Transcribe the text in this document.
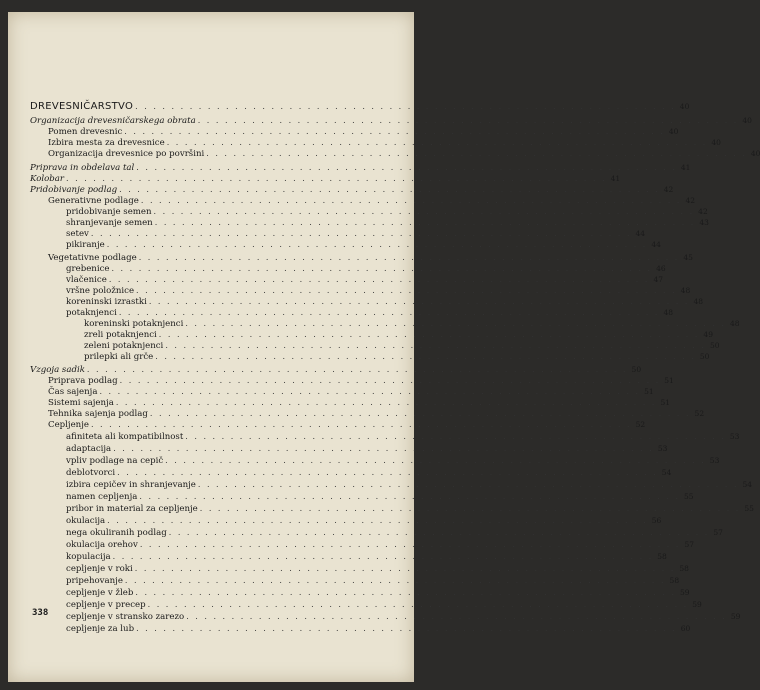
DREVESNIČARSTVO . . . . . . . . . . . . . . . . . . . . . . . . . . . . . . . . . . . . . . . . . . . . . . . . . . . . . . . . . . . . 40
Organizacija drevesničarskega obrata . . . . . . . . . . . . . . . . . . . . . . . . . . . . . . . . . . . . . . . . . . . . . . . . . . . . . . . . . . . . 40
Pomen drevesnic . . . . . . . . . . . . . . . . . . . . . . . . . . . . . . . . . . . . . . . . . . . . . . . . . . . . . . . . . . . . 40
Izbira mesta za drevesnice . . . . . . . . . . . . . . . . . . . . . . . . . . . . . . . . . . . . . . . . . . . . . . . . . . . . . . . . . . . . 40
Organizacija drevesnice po površini . . . . . . . . . . . . . . . . . . . . . . . . . . . . . . . . . . . . . . . . . . . . . . . . . . . . . . . . . . . . 40
Priprava in obdelava tal . . . . . . . . . . . . . . . . . . . . . . . . . . . . . . . . . . . . . . . . . . . . . . . . . . . . . . . . . . . . 41
Kolobar . . . . . . . . . . . . . . . . . . . . . . . . . . . . . . . . . . . . . . . . . . . . . . . . . . . . . . . . . . . . 41
Pridobivanje podlag . . . . . . . . . . . . . . . . . . . . . . . . . . . . . . . . . . . . . . . . . . . . . . . . . . . . . . . . . . . . 42
Generativne podlage . . . . . . . . . . . . . . . . . . . . . . . . . . . . . . . . . . . . . . . . . . . . . . . . . . . . . . . . . . . . 42
pridobivanje semen . . . . . . . . . . . . . . . . . . . . . . . . . . . . . . . . . . . . . . . . . . . . . . . . . . . . . . . . . . . . 42
shranjevanje semen . . . . . . . . . . . . . . . . . . . . . . . . . . . . . . . . . . . . . . . . . . . . . . . . . . . . . . . . . . . . 43
setev . . . . . . . . . . . . . . . . . . . . . . . . . . . . . . . . . . . . . . . . . . . . . . . . . . . . . . . . . . . . 44
pikiranje . . . . . . . . . . . . . . . . . . . . . . . . . . . . . . . . . . . . . . . . . . . . . . . . . . . . . . . . . . . . 44
Vegetativne podlage . . . . . . . . . . . . . . . . . . . . . . . . . . . . . . . . . . . . . . . . . . . . . . . . . . . . . . . . . . . . 45
grebenice . . . . . . . . . . . . . . . . . . . . . . . . . . . . . . . . . . . . . . . . . . . . . . . . . . . . . . . . . . . . 46
vlačenice . . . . . . . . . . . . . . . . . . . . . . . . . . . . . . . . . . . . . . . . . . . . . . . . . . . . . . . . . . . . 47
vršne položnice . . . . . . . . . . . . . . . . . . . . . . . . . . . . . . . . . . . . . . . . . . . . . . . . . . . . . . . . . . . . 48
koreninski izrastki . . . . . . . . . . . . . . . . . . . . . . . . . . . . . . . . . . . . . . . . . . . . . . . . . . . . . . . . . . . . 48
potaknjenci . . . . . . . . . . . . . . . . . . . . . . . . . . . . . . . . . . . . . . . . . . . . . . . . . . . . . . . . . . . . 48
koreninski potaknjenci . . . . . . . . . . . . . . . . . . . . . . . . . . . . . . . . . . . . . . . . . . . . . . . . . . . . . . . . . . . . 48
zreli potaknjenci . . . . . . . . . . . . . . . . . . . . . . . . . . . . . . . . . . . . . . . . . . . . . . . . . . . . . . . . . . . . 49
zeleni potaknjenci . . . . . . . . . . . . . . . . . . . . . . . . . . . . . . . . . . . . . . . . . . . . . . . . . . . . . . . . . . . . 50
prilepki ali grče . . . . . . . . . . . . . . . . . . . . . . . . . . . . . . . . . . . . . . . . . . . . . . . . . . . . . . . . . . . . 50
Vzgoja sadik . . . . . . . . . . . . . . . . . . . . . . . . . . . . . . . . . . . . . . . . . . . . . . . . . . . . . . . . . . . . 50
Priprava podlag . . . . . . . . . . . . . . . . . . . . . . . . . . . . . . . . . . . . . . . . . . . . . . . . . . . . . . . . . . . . 51
Čas sajenja . . . . . . . . . . . . . . . . . . . . . . . . . . . . . . . . . . . . . . . . . . . . . . . . . . . . . . . . . . . . 51
Sistemi sajenja . . . . . . . . . . . . . . . . . . . . . . . . . . . . . . . . . . . . . . . . . . . . . . . . . . . . . . . . . . . . 51
Tehnika sajenja podlag . . . . . . . . . . . . . . . . . . . . . . . . . . . . . . . . . . . . . . . . . . . . . . . . . . . . . . . . . . . . 52
Cepljenje . . . . . . . . . . . . . . . . . . . . . . . . . . . . . . . . . . . . . . . . . . . . . . . . . . . . . . . . . . . . 52
afiniteta ali kompatibilnost . . . . . . . . . . . . . . . . . . . . . . . . . . . . . . . . . . . . . . . . . . . . . . . . . . . . . . . . . . . . 53
adaptacija . . . . . . . . . . . . . . . . . . . . . . . . . . . . . . . . . . . . . . . . . . . . . . . . . . . . . . . . . . . . 53
vpliv podlage na cepič . . . . . . . . . . . . . . . . . . . . . . . . . . . . . . . . . . . . . . . . . . . . . . . . . . . . . . . . . . . . 53
deblotvorci . . . . . . . . . . . . . . . . . . . . . . . . . . . . . . . . . . . . . . . . . . . . . . . . . . . . . . . . . . . . 54
izbira cepičev in shranjevanje . . . . . . . . . . . . . . . . . . . . . . . . . . . . . . . . . . . . . . . . . . . . . . . . . . . . . . . . . . . . 54
namen cepljenja . . . . . . . . . . . . . . . . . . . . . . . . . . . . . . . . . . . . . . . . . . . . . . . . . . . . . . . . . . . . 55
pribor in material za cepljenje . . . . . . . . . . . . . . . . . . . . . . . . . . . . . . . . . . . . . . . . . . . . . . . . . . . . . . . . . . . . 55
okulacija . . . . . . . . . . . . . . . . . . . . . . . . . . . . . . . . . . . . . . . . . . . . . . . . . . . . . . . . . . . . 56
nega okuliranih podlag . . . . . . . . . . . . . . . . . . . . . . . . . . . . . . . . . . . . . . . . . . . . . . . . . . . . . . . . . . . . 57
okulacija orehov . . . . . . . . . . . . . . . . . . . . . . . . . . . . . . . . . . . . . . . . . . . . . . . . . . . . . . . . . . . . 57
kopulacija . . . . . . . . . . . . . . . . . . . . . . . . . . . . . . . . . . . . . . . . . . . . . . . . . . . . . . . . . . . . 58
cepljenje v roki . . . . . . . . . . . . . . . . . . . . . . . . . . . . . . . . . . . . . . . . . . . . . . . . . . . . . . . . . . . . 58
pripehovanje . . . . . . . . . . . . . . . . . . . . . . . . . . . . . . . . . . . . . . . . . . . . . . . . . . . . . . . . . . . . 58
cepljenje v žleb . . . . . . . . . . . . . . . . . . . . . . . . . . . . . . . . . . . . . . . . . . . . . . . . . . . . . . . . . . . . 59
cepljenje v precep . . . . . . . . . . . . . . . . . . . . . . . . . . . . . . . . . . . . . . . . . . . . . . . . . . . . . . . . . . . . 59
cepljenje v stransko zarezo . . . . . . . . . . . . . . . . . . . . . . . . . . . . . . . . . . . . . . . . . . . . . . . . . . . . . . . . . . . . 59
cepljenje za lub . . . . . . . . . . . . . . . . . . . . . . . . . . . . . . . . . . . . . . . . . . . . . . . . . . . . . . . . . . . . 60
338
